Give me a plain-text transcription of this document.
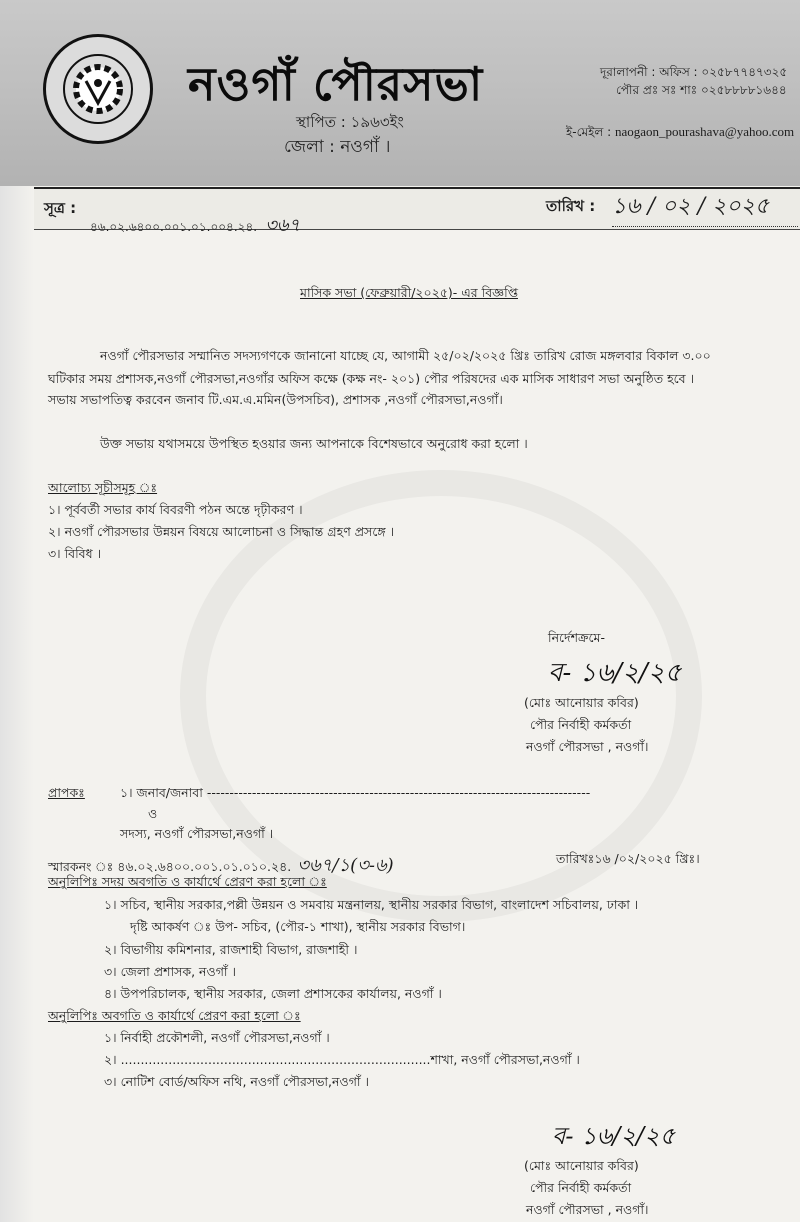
নওগাঁ পৌরসভা
স্থাপিত : ১৯৬৩ইং
জেলা : নওগাঁ ।
দূরালাপনী : অফিস : ০২৫৮৭৭৪৭৩২৫
পৌর প্রঃ সঃ শাঃ ০২৫৮৮৮৮১৬৪৪
ই-মেইল : naogaon_pourashava@yahoo.com
সূত্র :
৪৬.০২.৬৪০০.০০১.০১.০০৪.২৪. ৩৬৭
তারিখ : ১৬ / ০২ / ২০২৫
মাসিক সভা (ফেব্রুয়ারী/২০২৫)- এর বিজ্ঞপ্তি
নওগাঁ পৌরসভার সম্মানিত সদস্যগণকে জানানো যাচ্ছে যে, আগামী ২৫/০২/২০২৫ খ্রিঃ তারিখ রোজ মঙ্গলবার বিকাল ৩.০০
ঘটিকার সময় প্রশাসক,নওগাঁ পৌরসভা,নওগাঁর অফিস কক্ষে (কক্ষ নং- ২০১) পৌর পরিষদের এক মাসিক সাধারণ সভা অনুষ্ঠিত হবে ।
সভায় সভাপতিত্ব করবেন জনাব টি.এম.এ.মমিন(উপসচিব), প্রশাসক ,নওগাঁ পৌরসভা,নওগাঁ।
উক্ত সভায় যথাসময়ে উপস্থিত হওয়ার জন্য আপনাকে বিশেষভাবে অনুরোধ করা হলো ।
আলোচ্য সূচীসমূহ ঃ
১। পূর্ববর্তী সভার কার্য বিবরণী পঠন অন্তে দৃঢ়ীকরণ ।
২। নওগাঁ পৌরসভার উন্নয়ন বিষয়ে আলোচনা ও সিদ্ধান্ত গ্রহণ প্রসঙ্গে ।
৩। বিবিধ ।
নির্দেশক্রমে-
ব- ১৬/২/২৫
(মোঃ আনোয়ার কবির)
পৌর নির্বাহী কর্মকর্তা
নওগাঁ পৌরসভা , নওগাঁ।
প্রাপকঃ	১। জনাব/জনাবা -------------------------------------------------------------------------------------
ও
সদস্য, নওগাঁ পৌরসভা,নওগাঁ ।
স্মারকনং ঃ ৪৬.০২.৬৪০০.০০১.০১.০১০.২৪. ৩৬৭/১(৩-৬)	তারিখঃ১৬ /০২/২০২৫ খ্রিঃ।
অনুলিপিঃ সদয় অবগতি ও কার্যার্থে প্রেরণ করা হলো ঃ
১। সচিব, স্থানীয় সরকার,পল্লী উন্নয়ন ও সমবায় মন্ত্রনালয়, স্থানীয় সরকার বিভাগ, বাংলাদেশ সচিবালয়, ঢাকা ।
দৃষ্টি আকর্ষণ ঃ উপ- সচিব, (পৌর-১ শাখা), স্থানীয় সরকার বিভাগ।
২। বিভাগীয় কমিশনার, রাজশাহী বিভাগ, রাজশাহী ।
৩। জেলা প্রশাসক, নওগাঁ ।
৪। উপপরিচালক, স্থানীয় সরকার, জেলা প্রশাসকের কার্যালয়, নওগাঁ ।
অনুলিপিঃ অবগতি ও কার্যার্থে প্রেরণ করা হলো ঃ
১। নির্বাহী প্রকৌশলী, নওগাঁ পৌরসভা,নওগাঁ ।
২। ..............................................................................শাখা, নওগাঁ পৌরসভা,নওগাঁ ।
৩। নোটিশ বোর্ড/অফিস নথি, নওগাঁ পৌরসভা,নওগাঁ ।
ব- ১৬/২/২৫
(মোঃ আনোয়ার কবির)
পৌর নির্বাহী কর্মকর্তা
নওগাঁ পৌরসভা , নওগাঁ।
